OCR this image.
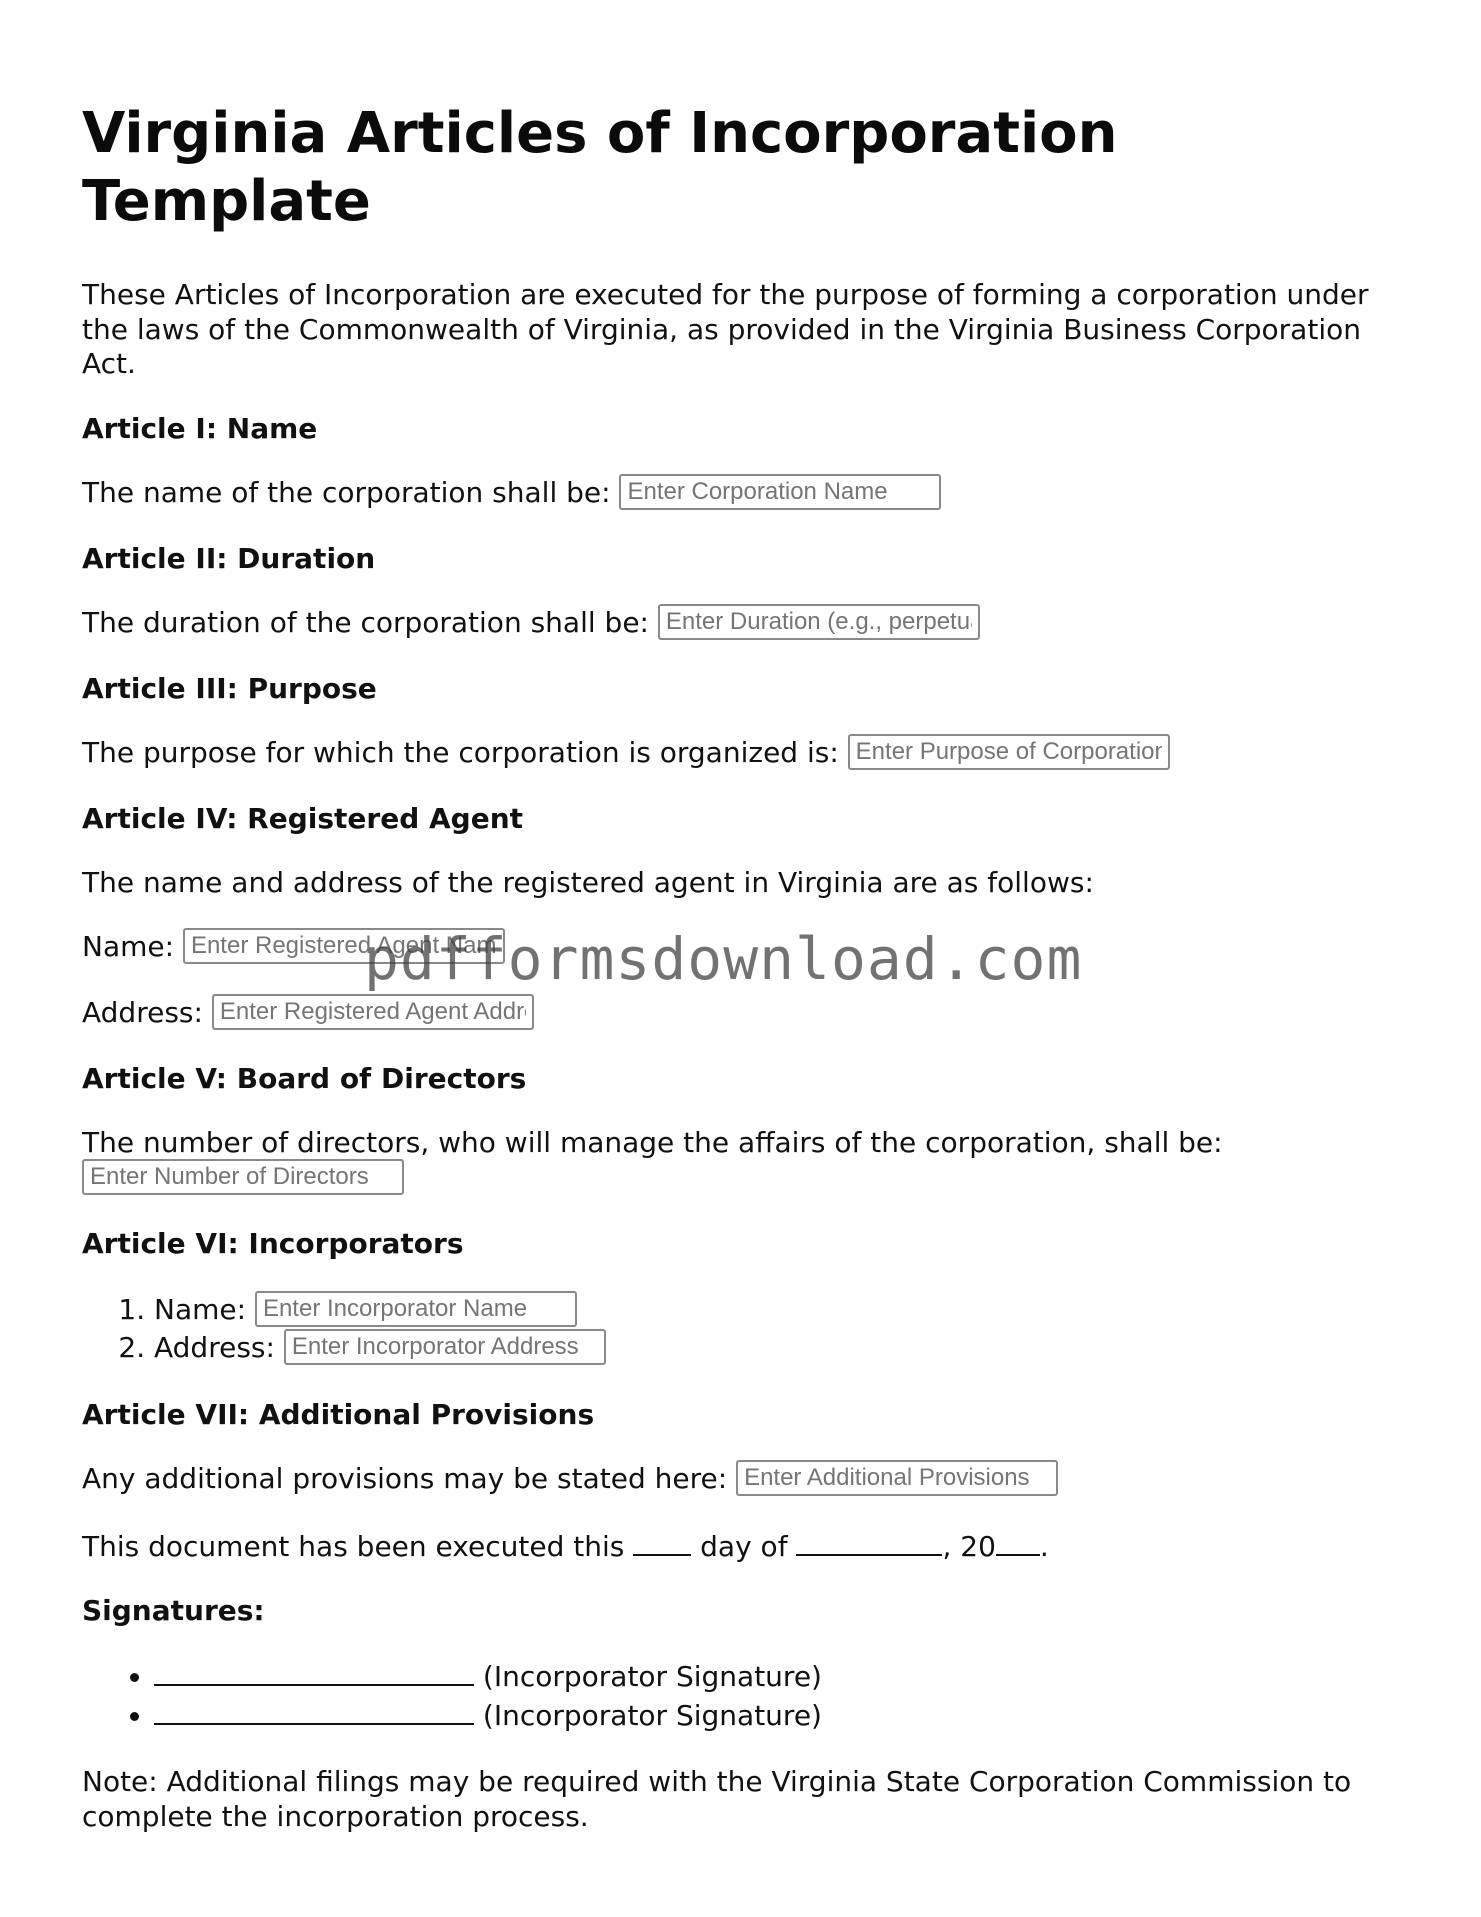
Virginia Articles of Incorporation Template

These Articles of Incorporation are executed for the purpose of forming a corporation under the laws of the Commonwealth of Virginia, as provided in the Virginia Business Corporation Act.

Article I: Name

The name of the corporation shall be: Enter Corporation Name

Article II: Duration

The duration of the corporation shall be: Enter Duration (e.g., perpetual)

Article III: Purpose

The purpose for which the corporation is organized is: Enter Purpose of Corporation

Article IV: Registered Agent

The name and address of the registered agent in Virginia are as follows:

Name: Enter Registered Agent Name

Address: Enter Registered Agent Address

Article V: Board of Directors

The number of directors, who will manage the affairs of the corporation, shall be: Enter Number of Directors

Article VI: Incorporators
1. Name: Enter Incorporator Name
2. Address: Enter Incorporator Address
Article VII: Additional Provisions

Any additional provisions may be stated here: Enter Additional Provisions

This document has been executed this	day of	, 20 .

Signatures:
• (Incorporator Signature)
• (Incorporator Signature)

Note: Additional filings may be required with the Virginia State Corporation Commission to complete the incorporation process.

pdfformsdownload.com
